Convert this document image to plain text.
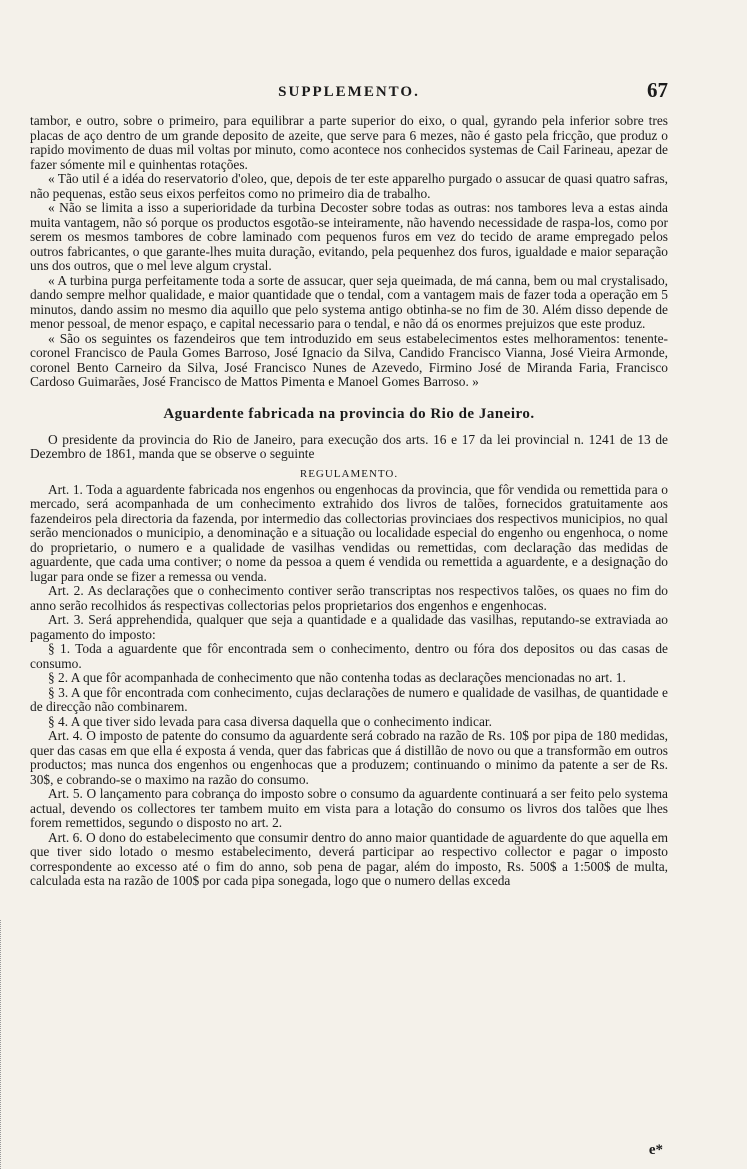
SUPPLEMENTO.	67

tambor, e outro, sobre o primeiro, para equilibrar a parte superior do eixo, o qual, gyrando pela inferior sobre tres placas de aço dentro de um grande deposito de azeite, que serve para 6 mezes, não é gasto pela fricção, que produz o rapido movimento de duas mil voltas por minuto, como acontece nos conhecidos systemas de Cail Farineau, apezar de fazer sómente mil e quinhentas rotações.

« Tão util é a idéa do reservatorio d'oleo, que, depois de ter este apparelho purgado o assucar de quasi quatro safras, não pequenas, estão seus eixos perfeitos como no primeiro dia de trabalho.

« Não se limita a isso a superioridade da turbina Decoster sobre todas as outras: nos tambores leva a estas ainda muita vantagem, não só porque os productos esgotão-se inteiramente, não havendo necessidade de raspa-los, como por serem os mesmos tambores de cobre laminado com pequenos furos em vez do tecido de arame empregado pelos outros fabricantes, o que garante-lhes muita duração, evitando, pela pequenhez dos furos, igualdade e maior separação uns dos outros, que o mel leve algum crystal.

« A turbina purga perfeitamente toda a sorte de assucar, quer seja queimada, de má canna, bem ou mal crystalisado, dando sempre melhor qualidade, e maior quantidade que o tendal, com a vantagem mais de fazer toda a operação em 5 minutos, dando assim no mesmo dia aquillo que pelo systema antigo obtinha-se no fim de 30. Além disso depende de menor pessoal, de menor espaço, e capital necessario para o tendal, e não dá os enormes prejuizos que este produz.

« São os seguintes os fazendeiros que tem introduzido em seus estabelecimentos estes melhoramentos: tenente-coronel Francisco de Paula Gomes Barroso, José Ignacio da Silva, Candido Francisco Vianna, José Vieira Armonde, coronel Bento Carneiro da Silva, José Francisco Nunes de Azevedo, Firmino José de Miranda Faria, Francisco Cardoso Guimarães, José Francisco de Mattos Pimenta e Manoel Gomes Barroso. »

Aguardente fabricada na provincia do Rio de Janeiro.

O presidente da provincia do Rio de Janeiro, para execução dos arts. 16 e 17 da lei provincial n. 1241 de 13 de Dezembro de 1861, manda que se observe o seguinte

REGULAMENTO.

Art. 1. Toda a aguardente fabricada nos engenhos ou engenhocas da provincia, que fôr vendida ou remettida para o mercado, será acompanhada de um conhecimento extrahido dos livros de talões, fornecidos gratuitamente aos fazendeiros pela directoria da fazenda, por intermedio das collectorias provinciaes dos respectivos municipios, no qual serão mencionados o municipio, a denominação e a situação ou localidade especial do engenho ou engenhoca, o nome do proprietario, o numero e a qualidade de vasilhas vendidas ou remettidas, com declaração das medidas de aguardente, que cada uma contiver; o nome da pessoa a quem é vendida ou remettida a aguardente, e a designação do lugar para onde se fizer a remessa ou venda.

Art. 2. As declarações que o conhecimento contiver serão transcriptas nos respectivos talões, os quaes no fim do anno serão recolhidos ás respectivas collectorias pelos proprietarios dos engenhos e engenhocas.

Art. 3. Será apprehendida, qualquer que seja a quantidade e a qualidade das vasilhas, reputando-se extraviada ao pagamento do imposto:

§ 1. Toda a aguardente que fôr encontrada sem o conhecimento, dentro ou fóra dos depositos ou das casas de consumo.

§ 2. A que fôr acompanhada de conhecimento que não contenha todas as declarações mencionadas no art. 1.

§ 3. A que fôr encontrada com conhecimento, cujas declarações de numero e qualidade de vasilhas, de quantidade e de direcção não combinarem.

§ 4. A que tiver sido levada para casa diversa daquella que o conhecimento indicar.

Art. 4. O imposto de patente do consumo da aguardente será cobrado na razão de Rs. 10$ por pipa de 180 medidas, quer das casas em que ella é exposta á venda, quer das fabricas que á distillão de novo ou que a transformão em outros productos; mas nunca dos engenhos ou engenhocas que a produzem; continuando o minimo da patente a ser de Rs. 30$, e cobrando-se o maximo na razão do consumo.

Art. 5. O lançamento para cobrança do imposto sobre o consumo da aguardente continuará a ser feito pelo systema actual, devendo os collectores ter tambem muito em vista para a lotação do consumo os livros dos talões que lhes forem remettidos, segundo o disposto no art. 2.

Art. 6. O dono do estabelecimento que consumir dentro do anno maior quantidade de aguardente do que aquella em que tiver sido lotado o mesmo estabelecimento, deverá participar ao respectivo collector e pagar o imposto correspondente ao excesso até o fim do anno, sob pena de pagar, além do imposto, Rs. 500$ a 1:500$ de multa, calculada esta na razão de 100$ por cada pipa sonegada, logo que o numero dellas exceda

e*
